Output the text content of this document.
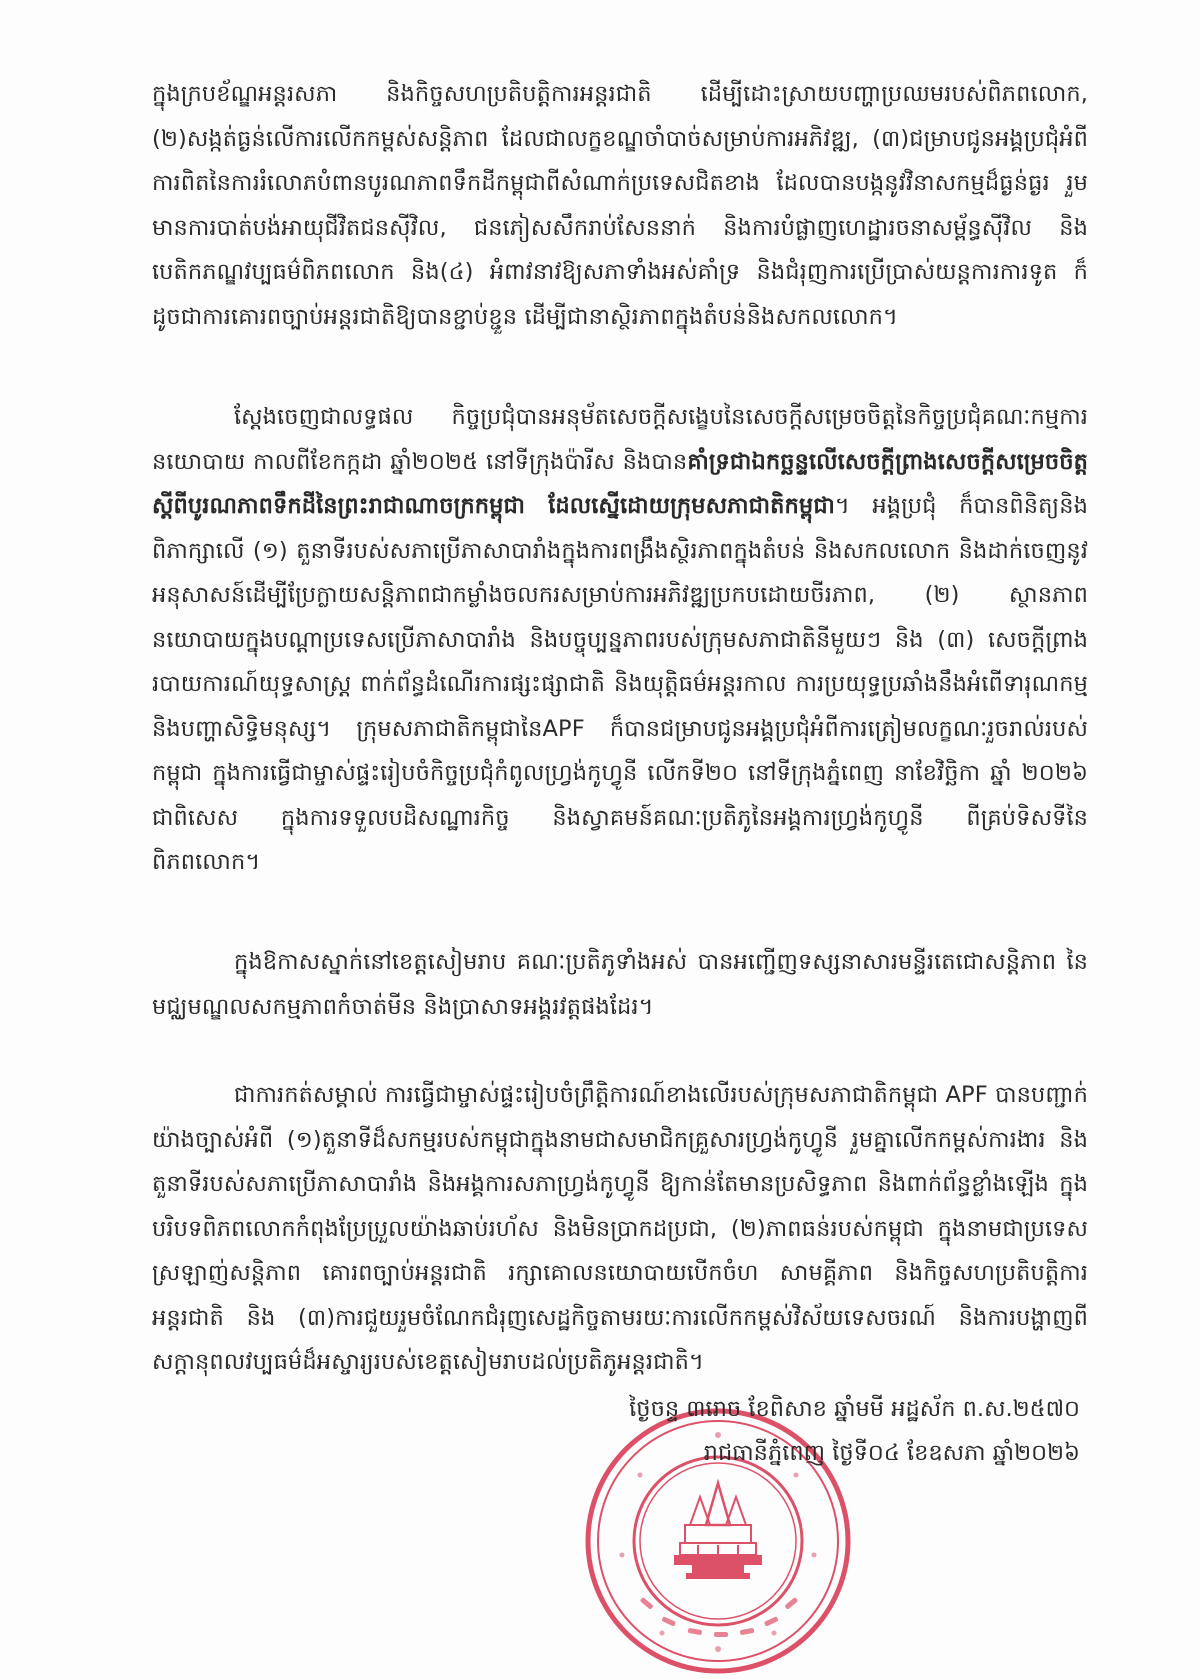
ក្នុងក្របខ័ណ្ឌអន្តរសភា និងកិច្ចសហប្រតិបត្តិការអន្តរជាតិ ដើម្បីដោះស្រាយបញ្ហាប្រឈមរបស់ពិភពលោក, (២)សង្កត់ធ្ងន់លើការលើកកម្ពស់សន្តិភាព ដែលជាលក្ខខណ្ឌចាំបាច់សម្រាប់ការអភិវឌ្ឍ, (៣)ជម្រាបជូនអង្គប្រជុំអំពីការពិតនៃការរំលោភបំពានបូរណភាពទឹកដីកម្ពុជាពីសំណាក់ប្រទេសជិតខាង ដែលបានបង្កនូវវិនាសកម្មដ៏ធ្ងន់ធ្ងរ រួមមានការបាត់បង់អាយុជីវិតជនស៊ីវិល, ជនភៀសសឹករាប់សែននាក់ និងការបំផ្លាញហេដ្ឋារចនាសម្ព័ន្ធស៊ីវិល និងបេតិកភណ្ឌវប្បធម៌ពិភពលោក និង(៤) អំពាវនាវឱ្យសភាទាំងអស់គាំទ្រ និងជំរុញការប្រើប្រាស់យន្តការការទូត ក៏ដូចជាការគោរពច្បាប់អន្តរជាតិឱ្យបានខ្ជាប់ខ្ជួន ដើម្បីជានាស្ថិរភាពក្នុងតំបន់និងសកលលោក។

ស្តែងចេញជាលទ្ធផល កិច្ចប្រជុំបានអនុម័តសេចក្តីសង្ខេបនៃសេចក្តីសម្រេចចិត្តនៃកិច្ចប្រជុំគណៈកម្មការនយោបាយ កាលពីខែកក្កដា ឆ្នាំ២០២៥ នៅទីក្រុងប៉ារីស និងបានគាំទ្រជាឯកច្ឆន្ទលើសេចក្តីព្រាងសេចក្តីសម្រេចចិត្តស្តីពីបូរណភាពទឹកដីនៃព្រះរាជាណាចក្រកម្ពុជា ដែលស្នើដោយក្រុមសភាជាតិកម្ពុជា។ អង្គប្រជុំ ក៏បានពិនិត្យនិងពិភាក្សាលើ (១) តួនាទីរបស់សភាប្រើភាសាបារាំងក្នុងការពង្រឹងស្ថិរភាពក្នុងតំបន់ និងសកលលោក និងដាក់ចេញនូវអនុសាសន៍ដើម្បីប្រែក្លាយសន្តិភាពជាកម្លាំងចលករសម្រាប់ការអភិវឌ្ឍប្រកបដោយចីរភាព, (២) ស្ថានភាពនយោបាយក្នុងបណ្តាប្រទេសប្រើភាសាបារាំង និងបច្ចុប្បន្នភាពរបស់ក្រុមសភាជាតិនីមួយៗ និង (៣) សេចក្តីព្រាងរបាយការណ៍យុទ្ធសាស្ត្រ ពាក់ព័ន្ធដំណើរការផ្សះផ្សាជាតិ និងយុត្តិធម៌អន្តរកាល ការប្រយុទ្ធប្រឆាំងនឹងអំពើទារុណកម្ម និងបញ្ហាសិទ្ធិមនុស្ស។ ក្រុមសភាជាតិកម្ពុជានៃAPF ក៏បានជម្រាបជូនអង្គប្រជុំអំពីការត្រៀមលក្ខណៈរួចរាល់របស់កម្ពុជា ក្នុងការធ្វើជាម្ចាស់ផ្ទះរៀបចំកិច្ចប្រជុំកំពូលហ្វ្រង់កូហ្វូនី លើកទី២០ នៅទីក្រុងភ្នំពេញ នាខែវិច្ឆិកា ឆ្នាំ ២០២៦ ជាពិសេស ក្នុងការទទួលបដិសណ្ឋារកិច្ច និងស្វាគមន៍គណៈប្រតិភូនៃអង្គការហ្វ្រង់កូហ្វូនី ពីគ្រប់ទិសទីនៃពិភពលោក។

ក្នុងឱកាសស្នាក់នៅខេត្តសៀមរាប គណៈប្រតិភូទាំងអស់ បានអញ្ជើញទស្សនាសារមន្ទីរតេជោសន្តិភាព នៃមជ្ឈមណ្ឌលសកម្មភាពកំចាត់មីន និងប្រាសាទអង្គរវត្តផងដែរ។

ជាការកត់សម្គាល់ ការធ្វើជាម្ចាស់ផ្ទះរៀបចំព្រឹត្តិការណ៍ខាងលើរបស់ក្រុមសភាជាតិកម្ពុជា APF បានបញ្ជាក់យ៉ាងច្បាស់អំពី (១)តួនាទីដ៏សកម្មរបស់កម្ពុជាក្នុងនាមជាសមាជិកគ្រួសារហ្វ្រង់កូហ្វូនី រួមគ្នាលើកកម្ពស់ការងារ និងតួនាទីរបស់សភាប្រើភាសាបារាំង និងអង្គការសភាហ្វ្រង់កូហ្វូនី ឱ្យកាន់តែមានប្រសិទ្ធភាព និងពាក់ព័ន្ធខ្លាំងឡើង ក្នុងបរិបទពិភពលោកកំពុងប្រែប្រួលយ៉ាងឆាប់រហ័ស និងមិនប្រាកដប្រជា, (២)ភាពធន់របស់កម្ពុជា ក្នុងនាមជាប្រទេសស្រឡាញ់សន្តិភាព គោរពច្បាប់អន្តរជាតិ រក្សាគោលនយោបាយបើកចំហ សាមគ្គីភាព និងកិច្ចសហប្រតិបត្តិការអន្តរជាតិ និង (៣)ការជួយរួមចំណែកជំរុញសេដ្ឋកិច្ចតាមរយៈការលើកកម្ពស់វិស័យទេសចរណ៍ និងការបង្ហាញពីសក្តានុពលវប្បធម៌ដ៏អស្ចារ្យរបស់ខេត្តសៀមរាបដល់ប្រតិភូអន្តរជាតិ។

ថ្ងៃចន្ទ ៣រោច ខែពិសាខ ឆ្នាំមមី អដ្ឋស័ក ព.ស.២៥៧០
រាជធានីភ្នំពេញ ថ្ងៃទី០៤ ខែឧសភា ឆ្នាំ២០២៦
